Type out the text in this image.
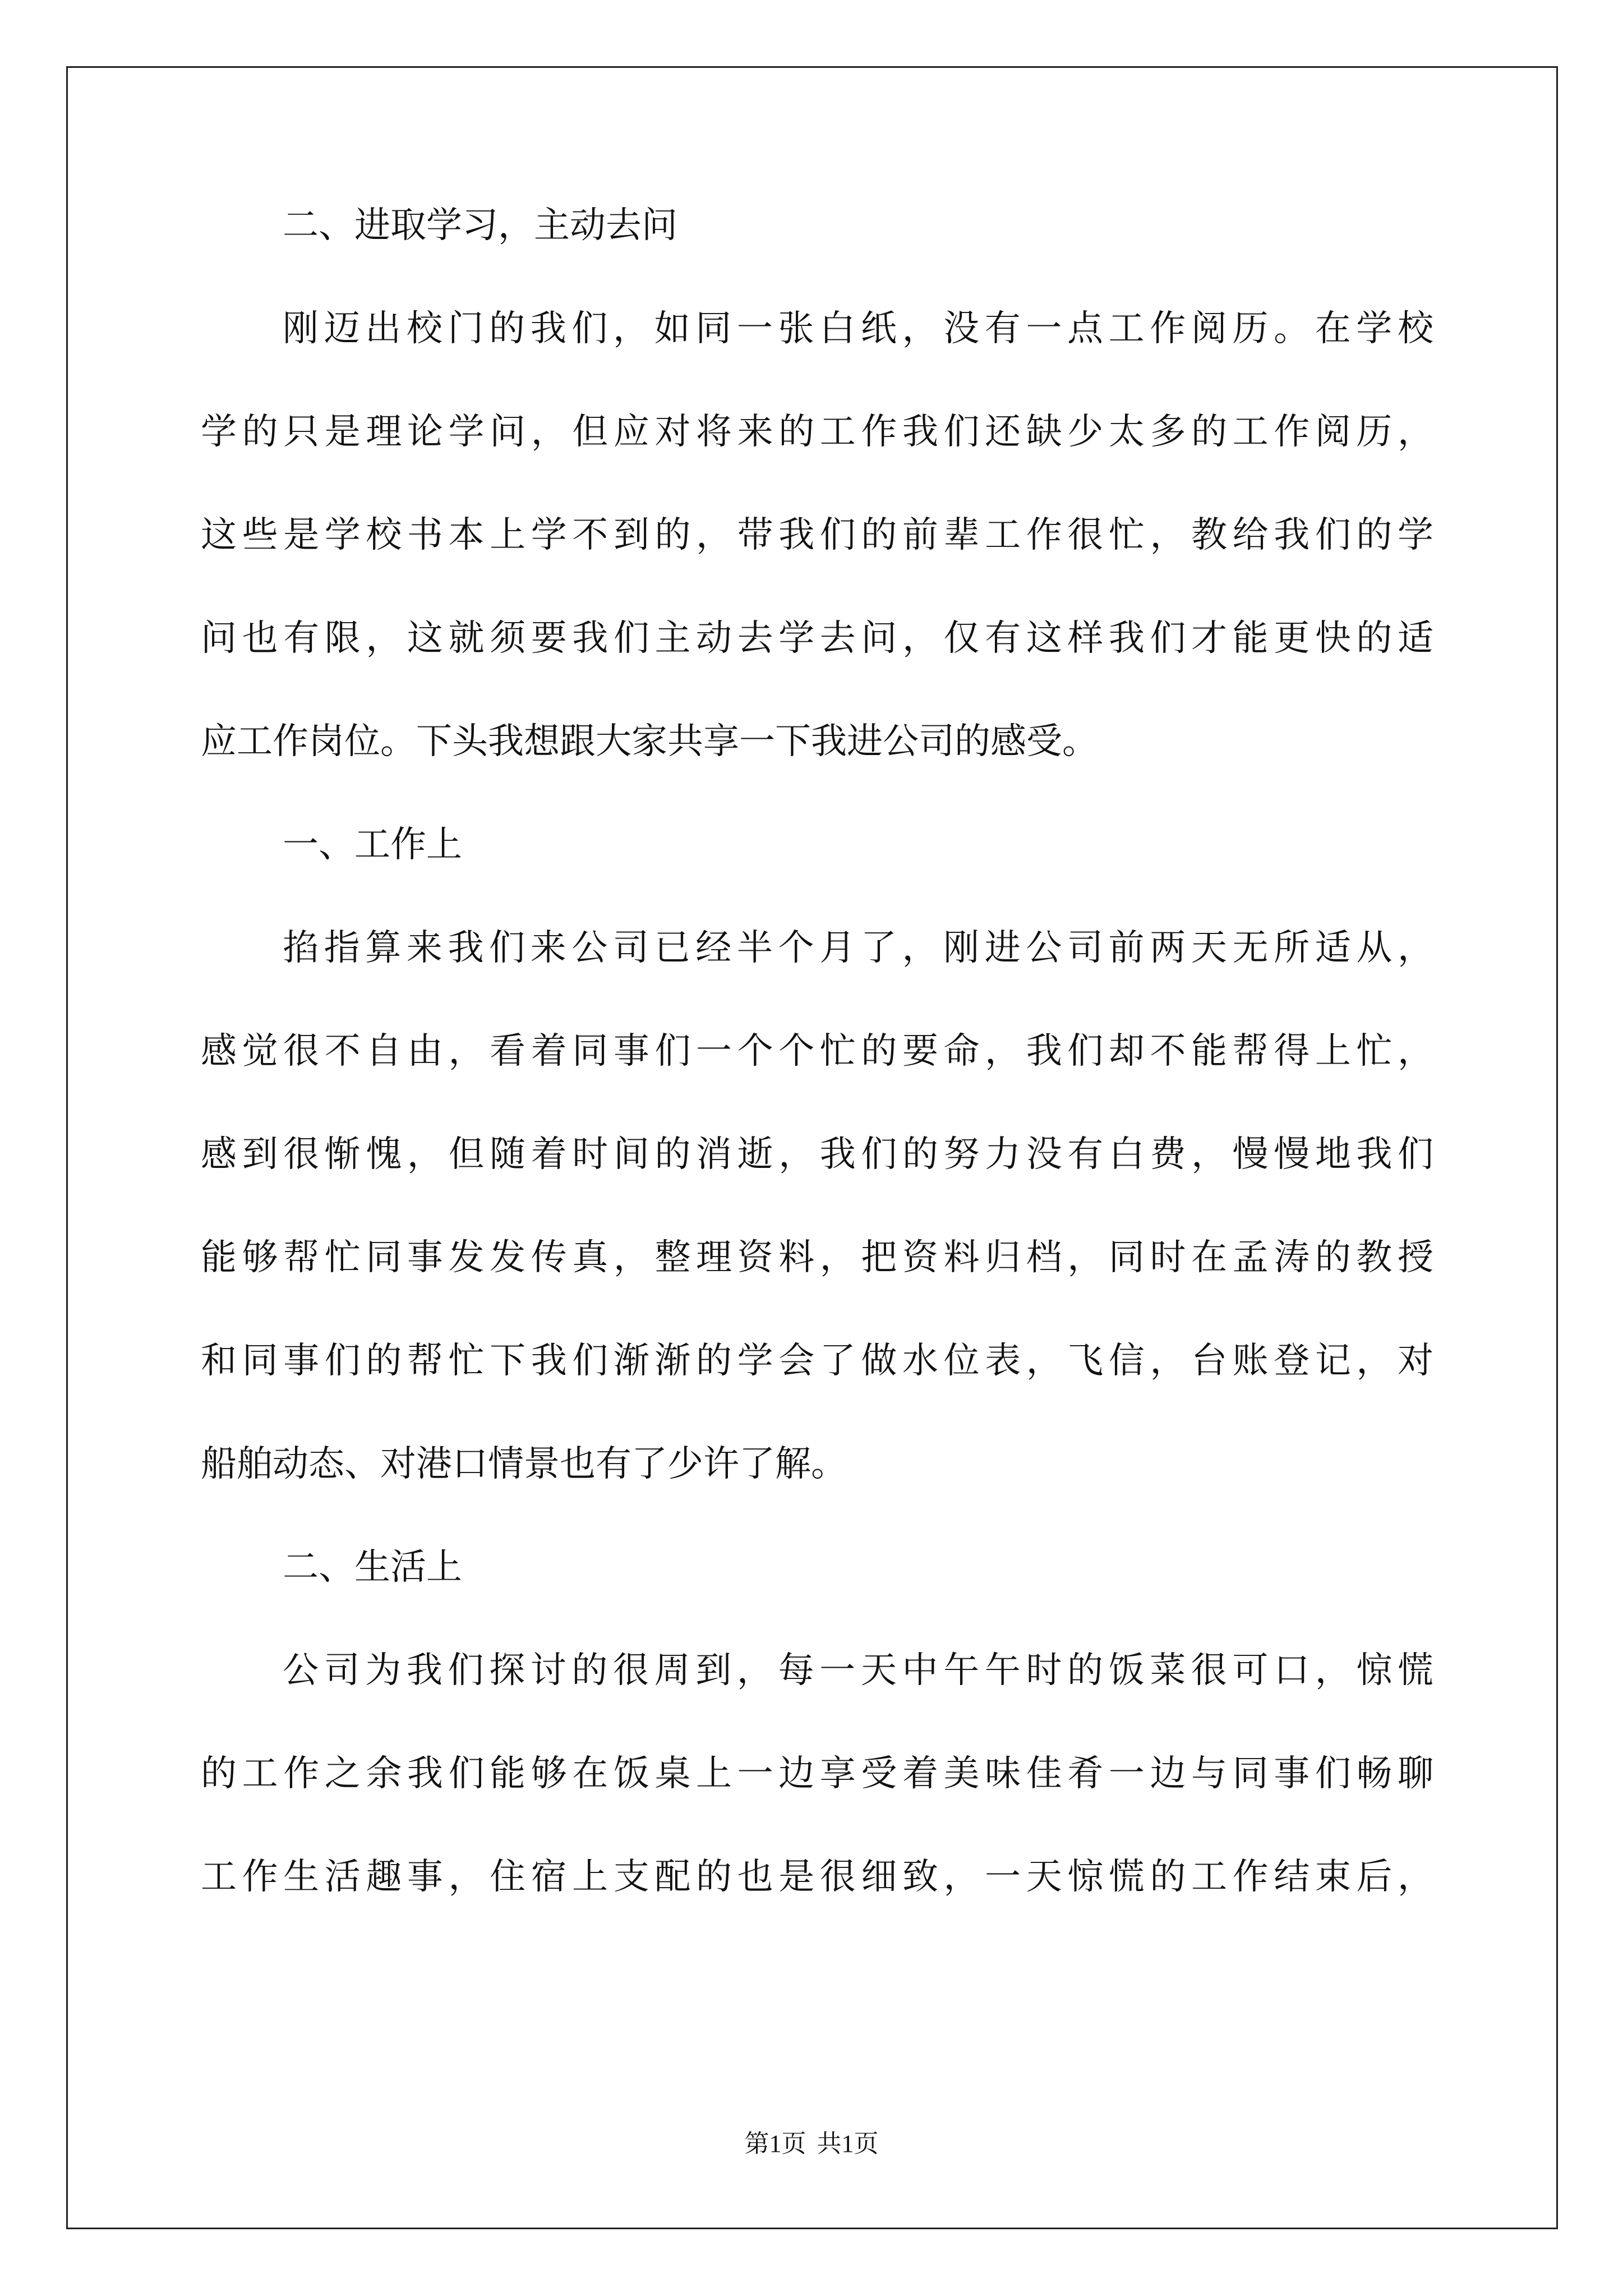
二、进取学习，主动去问
刚迈出校门的我们，如同一张白纸，没有一点工作阅历。在学校
学的只是理论学问，但应对将来的工作我们还缺少太多的工作阅历，
这些是学校书本上学不到的，带我们的前辈工作很忙，教给我们的学
问也有限，这就须要我们主动去学去问，仅有这样我们才能更快的适
应工作岗位。下头我想跟大家共享一下我进公司的感受。
一、工作上
掐指算来我们来公司已经半个月了，刚进公司前两天无所适从，
感觉很不自由，看着同事们一个个忙的要命，我们却不能帮得上忙，
感到很惭愧，但随着时间的消逝，我们的努力没有白费，慢慢地我们
能够帮忙同事发发传真，整理资料，把资料归档，同时在孟涛的教授
和同事们的帮忙下我们渐渐的学会了做水位表，飞信，台账登记，对
船舶动态、对港口情景也有了少许了解。
二、生活上
公司为我们探讨的很周到，每一天中午午时的饭菜很可口，惊慌
的工作之余我们能够在饭桌上一边享受着美味佳肴一边与同事们畅聊
工作生活趣事，住宿上支配的也是很细致，一天惊慌的工作结束后，
第1页 共1页
